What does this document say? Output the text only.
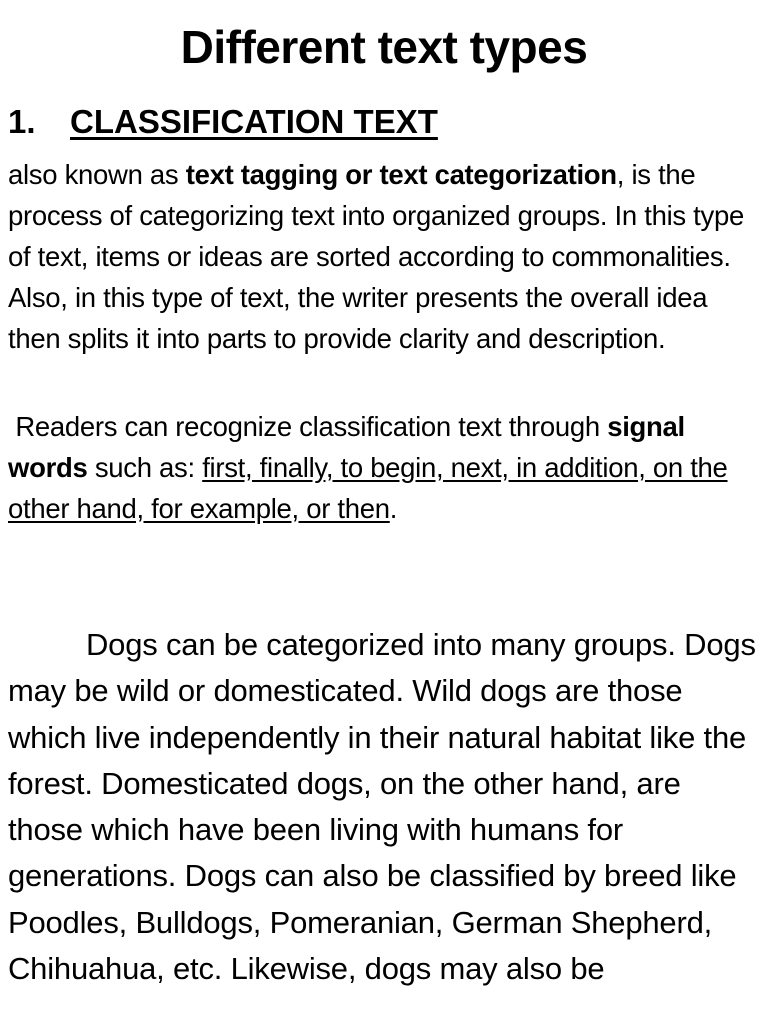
Different text types
1. CLASSIFICATION TEXT

also known as text tagging or text categorization, is the process of categorizing text into organized groups. In this type of text, items or ideas are sorted according to commonalities. Also, in this type of text, the writer presents the overall idea then splits it into parts to provide clarity and description.

Readers can recognize classification text through signal words such as: first, finally, to begin, next, in addition, on the other hand, for example, or then.

Dogs can be categorized into many groups. Dogs may be wild or domesticated. Wild dogs are those which live independently in their natural habitat like the forest. Domesticated dogs, on the other hand, are those which have been living with humans for generations. Dogs can also be classified by breed like Poodles, Bulldogs, Pomeranian, German Shepherd, Chihuahua, etc. Likewise, dogs may also be
